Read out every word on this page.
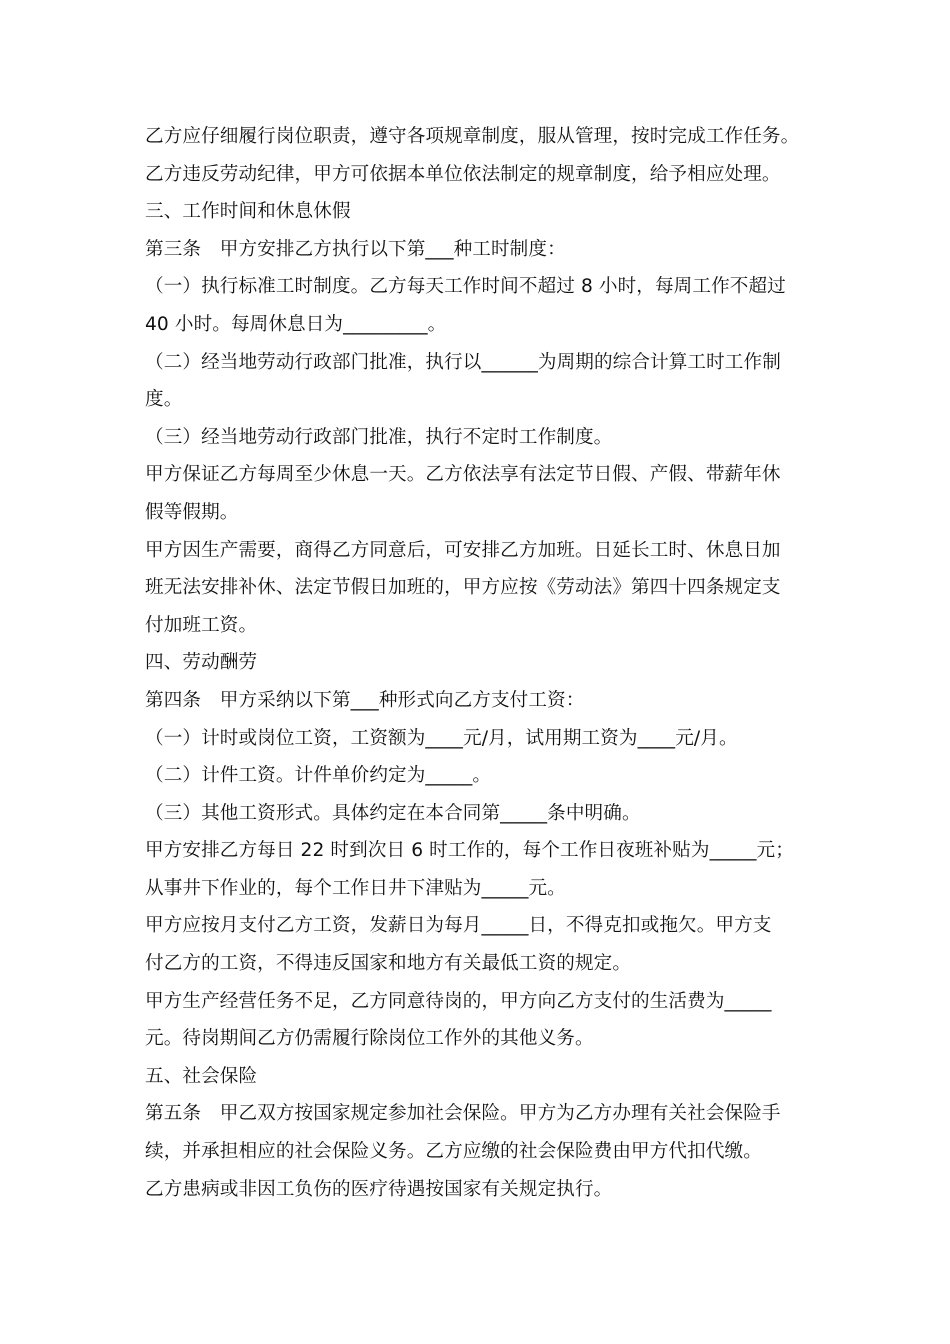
乙方应仔细履行岗位职责，遵守各项规章制度，服从管理，按时完成工作任务。
乙方违反劳动纪律，甲方可依据本单位依法制定的规章制度，给予相应处理。
三、工作时间和休息休假
第三条　甲方安排乙方执行以下第___种工时制度：
（一）执行标准工时制度。乙方每天工作时间不超过 8 小时，每周工作不超过
40 小时。每周休息日为_________。
（二）经当地劳动行政部门批准，执行以______为周期的综合计算工时工作制
度。
（三）经当地劳动行政部门批准，执行不定时工作制度。
甲方保证乙方每周至少休息一天。乙方依法享有法定节日假、产假、带薪年休
假等假期。
甲方因生产需要，商得乙方同意后，可安排乙方加班。日延长工时、休息日加
班无法安排补休、法定节假日加班的，甲方应按《劳动法》第四十四条规定支
付加班工资。
四、劳动酬劳
第四条　甲方采纳以下第___种形式向乙方支付工资：
（一）计时或岗位工资，工资额为____元/月，试用期工资为____元/月。
（二）计件工资。计件单价约定为_____。
（三）其他工资形式。具体约定在本合同第_____条中明确。
甲方安排乙方每日 22 时到次日 6 时工作的，每个工作日夜班补贴为_____元；
从事井下作业的，每个工作日井下津贴为_____元。
甲方应按月支付乙方工资，发薪日为每月_____日，不得克扣或拖欠。甲方支
付乙方的工资，不得违反国家和地方有关最低工资的规定。
甲方生产经营任务不足，乙方同意待岗的，甲方向乙方支付的生活费为_____
元。待岗期间乙方仍需履行除岗位工作外的其他义务。
五、社会保险
第五条　甲乙双方按国家规定参加社会保险。甲方为乙方办理有关社会保险手
续，并承担相应的社会保险义务。乙方应缴的社会保险费由甲方代扣代缴。
乙方患病或非因工负伤的医疗待遇按国家有关规定执行。
